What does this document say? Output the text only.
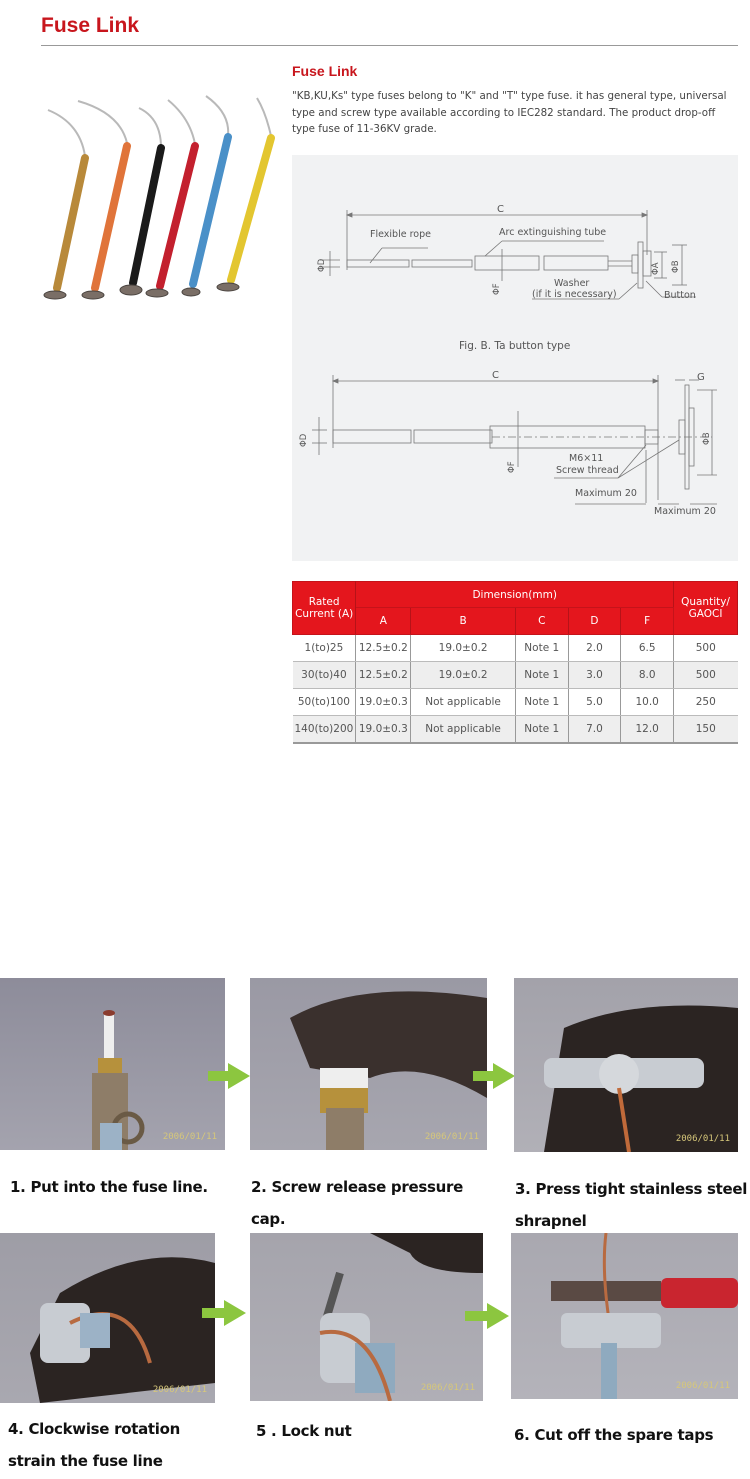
Fuse Link
Fuse Link
"KB,KU,Ks" type fuses belong to "K" and "T" type fuse. it has general type, universal type and screw type available according to IEC282 standard. The product drop-off type fuse of 11-36KV grade.
C
Flexible rope	Arc extinguishing tube
ΦD
ΦF
ΦA ΦB
Washer
(if it is necessary)	Button
Fig. B. Ta button type
C	G
ΦD
ΦF
ΦB
M6×11
Screw thread
Maximum 20
Maximum 20
Rated Current (A)	Dimension(mm)					Quantity/ GAOCI
	A	B	C	D	F	
1(to)25	12.5±0.2	19.0±0.2	Note 1	2.0	6.5	500
30(to)40	12.5±0.2	19.0±0.2	Note 1	3.0	8.0	500
50(to)100	19.0±0.3	Not applicable	Note 1	5.0	10.0	250
140(to)200	19.0±0.3	Not applicable	Note 1	7.0	12.0	150
2006/01/11	2006/01/11	2006/01/11
1. Put into the fuse line.	2. Screw release pressure
cap.
3. Press tight stainless steel
shrapnel
2006/01/11	2006/01/11	2006/01/11
4. Clockwise rotation
strain the fuse line
5 . Lock nut	6. Cut off the spare taps
